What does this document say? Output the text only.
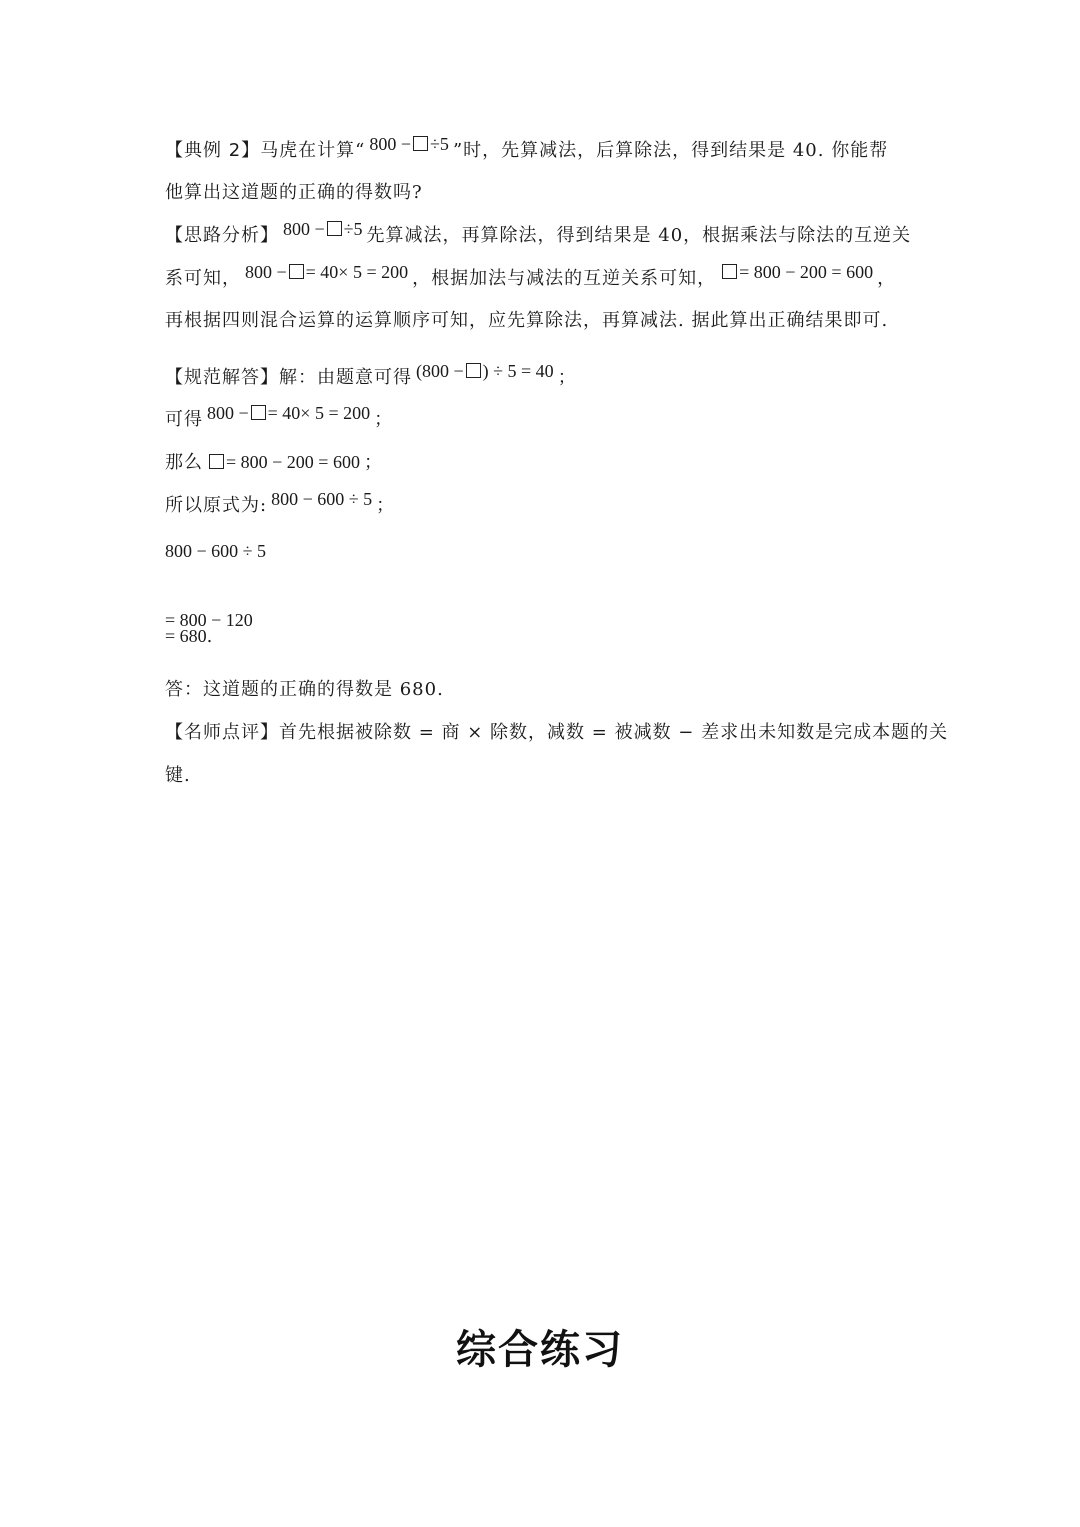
【典例 2】马虎在计算“ 800 − ÷5 ”时，先算减法，后算除法，得到结果是 40. 你能帮
他算出这道题的正确的得数吗?
【思路分析】 800 − ÷5 先算减法，再算除法，得到结果是 40，根据乘法与除法的互逆关
系可知， 800 − = 40× 5 = 200 ，根据加法与减法的互逆关系可知， = 800 − 200 = 600 ，
再根据四则混合运算的运算顺序可知，应先算除法，再算减法. 据此算出正确结果即可.
【规范解答】解：由题意可得 (800 − ) ÷ 5 = 40 ；
可得 800 − = 40× 5 = 200 ；
那么 = 800 − 200 = 600 ；
所以原式为: 800 − 600 ÷ 5 ；
800 − 600 ÷ 5
= 800 − 120
= 680.
答：这道题的正确的得数是 680.
【名师点评】首先根据被除数 = 商 × 除数，减数 = 被减数 − 差求出未知数是完成本题的关
键.
综合练习
